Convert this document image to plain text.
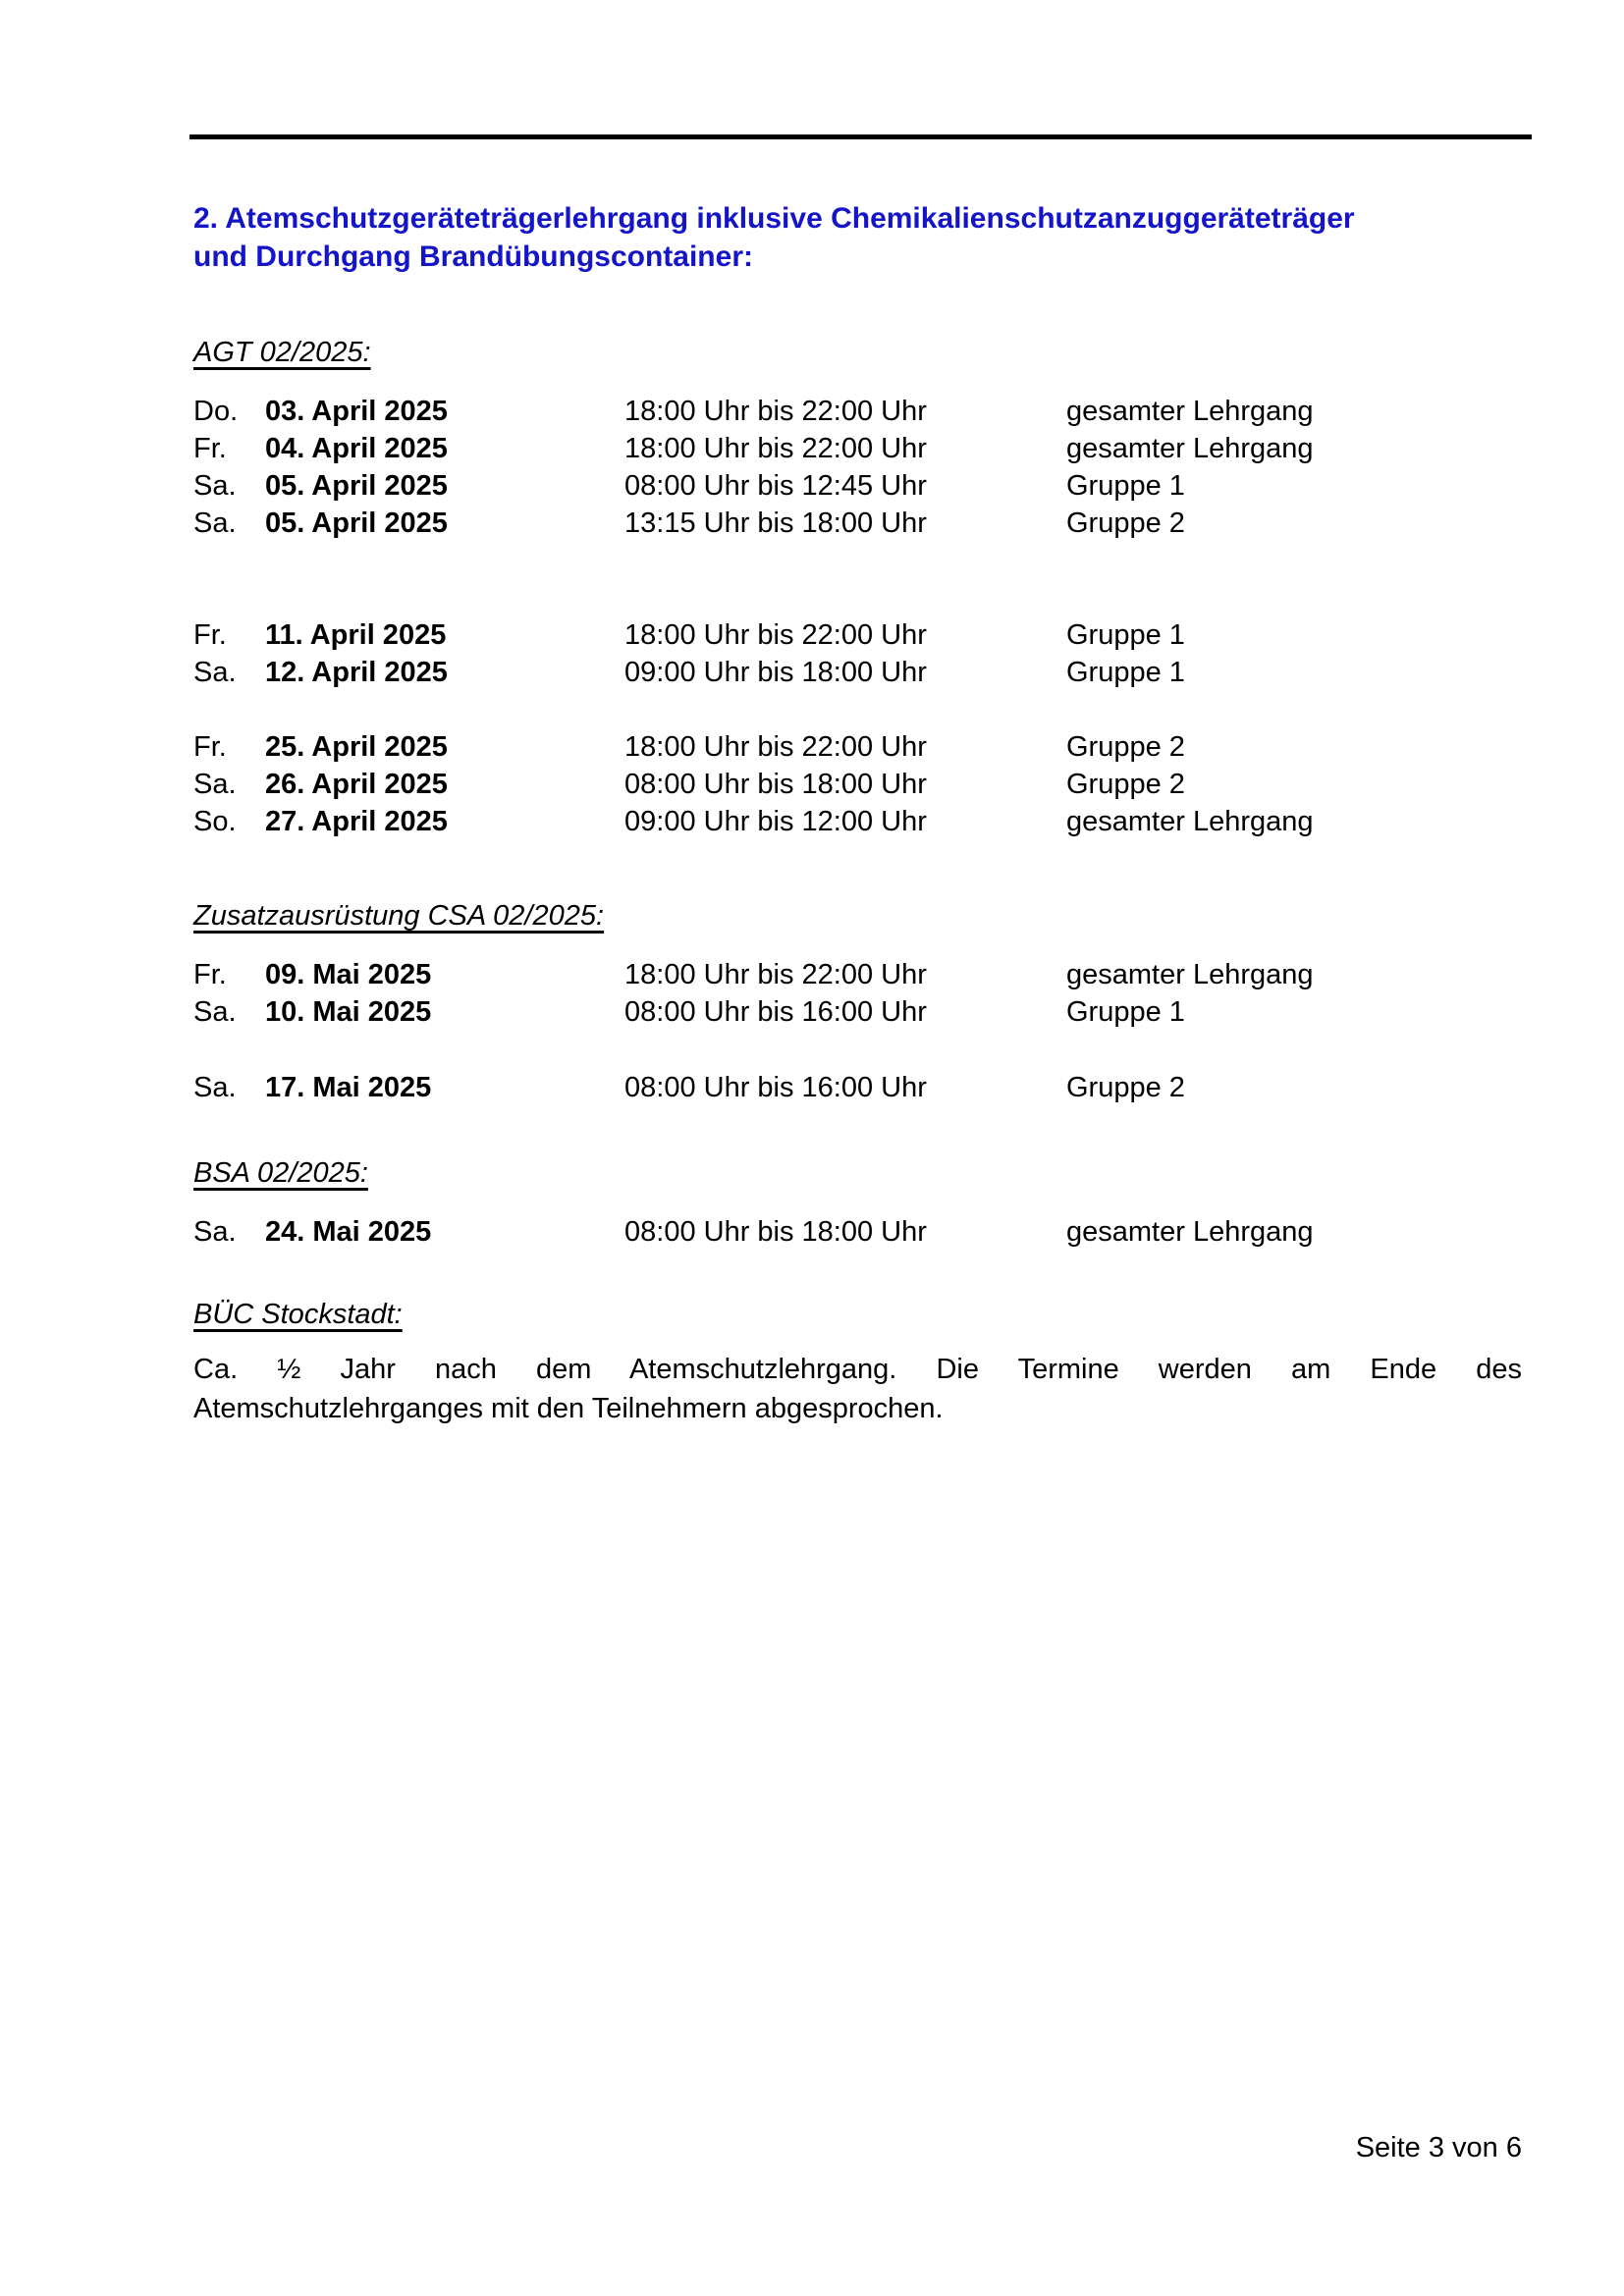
2. Atemschutzgeräteträgerlehrgang inklusive Chemikalienschutzanzuggeräteträger
und Durchgang Brandübungscontainer:
AGT 02/2025:
Do. 03. April 2025	18:00 Uhr bis 22:00 Uhr	gesamter Lehrgang
Fr.	04. April 2025	18:00 Uhr bis 22:00 Uhr	gesamter Lehrgang
Sa.	05. April 2025	08:00 Uhr bis 12:45 Uhr	Gruppe 1
Sa.	05. April 2025	13:15 Uhr bis 18:00 Uhr	Gruppe 2
Fr.	11. April 2025	18:00 Uhr bis 22:00 Uhr	Gruppe 1
Sa.	12. April 2025	09:00 Uhr bis 18:00 Uhr	Gruppe 1
Fr.	25. April 2025	18:00 Uhr bis 22:00 Uhr	Gruppe 2
Sa.	26. April 2025	08:00 Uhr bis 18:00 Uhr	Gruppe 2
So.	27. April 2025	09:00 Uhr bis 12:00 Uhr	gesamter Lehrgang
Zusatzausrüstung CSA 02/2025:
Fr.	09. Mai 2025	18:00 Uhr bis 22:00 Uhr	gesamter Lehrgang
Sa.	10. Mai 2025	08:00 Uhr bis 16:00 Uhr	Gruppe 1
Sa.	17. Mai 2025	08:00 Uhr bis 16:00 Uhr	Gruppe 2
BSA 02/2025:
Sa.	24. Mai 2025	08:00 Uhr bis 18:00 Uhr	gesamter Lehrgang
BÜC Stockstadt:
Ca. ½ Jahr nach dem Atemschutzlehrgang. Die Termine werden am Ende des
Atemschutzlehrganges mit den Teilnehmern abgesprochen.
Seite 3 von 6
